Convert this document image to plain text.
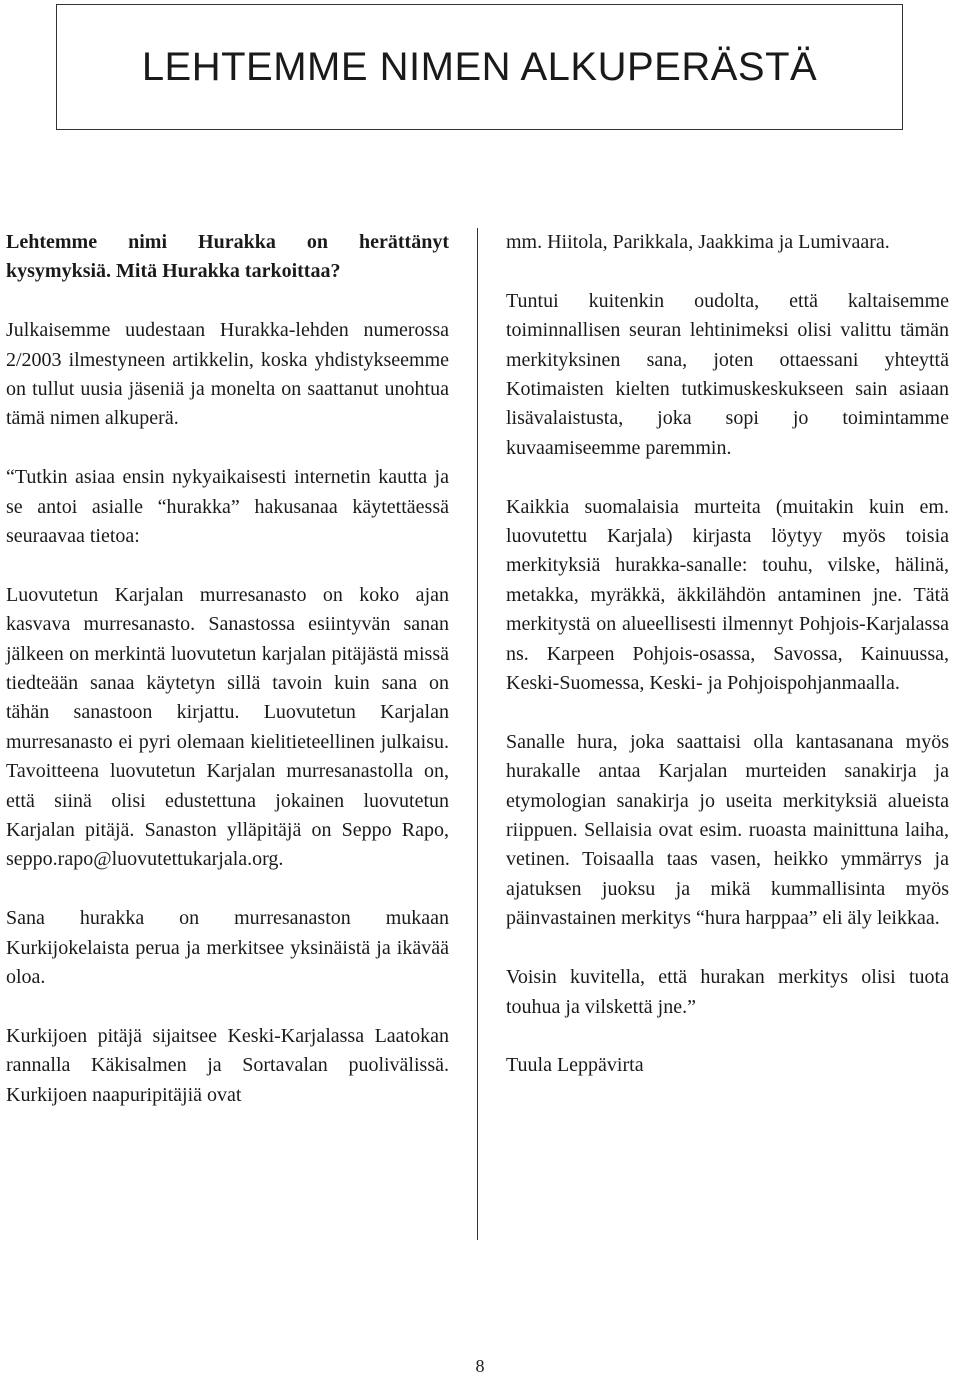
LEHTEMME NIMEN ALKUPERÄSTÄ

Lehtemme nimi Hurakka on herättänyt kysymyksiä. Mitä Hurakka tarkoittaa?

Julkaisemme uudestaan Hurakka-lehden numerossa 2/2003 ilmestyneen artikkelin, koska yhdistykseemme on tullut uusia jäseniä ja monelta on saattanut unohtua tämä nimen alkuperä.

“Tutkin asiaa ensin nykyaikaisesti internetin kautta ja se antoi asialle “hurakka” hakusanaa käytettäessä seuraavaa tietoa:

Luovutetun Karjalan murresanasto on koko ajan kasvava murresanasto. Sanastossa esiintyvän sanan jälkeen on merkintä luovutetun karjalan pitäjästä missä tiedteään sanaa käytetyn sillä tavoin kuin sana on tähän sanastoon kirjattu. Luovutetun Karjalan murresanasto ei pyri olemaan kielitieteellinen julkaisu. Tavoitteena luovutetun Karjalan murresanastolla on, että siinä olisi edustettuna jokainen luovutetun Karjalan pitäjä. Sanaston ylläpitäjä on Seppo Rapo, seppo.rapo@luovutettukarjala.org.

Sana hurakka on murresanaston mukaan Kurkijokelaista perua ja merkitsee yksinäistä ja ikävää oloa.

Kurkijoen pitäjä sijaitsee Keski-Karjalassa Laatokan rannalla Käkisalmen ja Sortavalan puolivälissä. Kurkijoen naapuripitäjiä ovat

mm. Hiitola, Parikkala, Jaakkima ja Lumivaara.

Tuntui kuitenkin oudolta, että kaltaisemme toiminnallisen seuran lehtinimeksi olisi valittu tämän merkityksinen sana, joten ottaessani yhteyttä Kotimaisten kielten tutkimuskeskukseen sain asiaan lisävalaistusta, joka sopi jo toimintamme kuvaamiseemme paremmin.

Kaikkia suomalaisia murteita (muitakin kuin em. luovutettu Karjala) kirjasta löytyy myös toisia merkityksiä hurakka-sanalle: touhu, vilske, hälinä, metakka, myräkkä, äkkilähdön antaminen jne. Tätä merkitystä on alueellisesti ilmennyt Pohjois-Karjalassa ns. Karpeen Pohjois-osassa, Savossa, Kainuussa, Keski-Suomessa, Keski- ja Pohjoispohjanmaalla.

Sanalle hura, joka saattaisi olla kantasanana myös hurakalle antaa Karjalan murteiden sanakirja ja etymologian sanakirja jo useita merkityksiä alueista riippuen. Sellaisia ovat esim. ruoasta mainittuna laiha, vetinen. Toisaalla taas vasen, heikko ymmärrys ja ajatuksen juoksu ja mikä kummallisinta myös päinvastainen merkitys “hura harppaa” eli äly leikkaa.

Voisin kuvitella, että hurakan merkitys olisi tuota touhua ja vilskettä jne.”

Tuula Leppävirta

8
